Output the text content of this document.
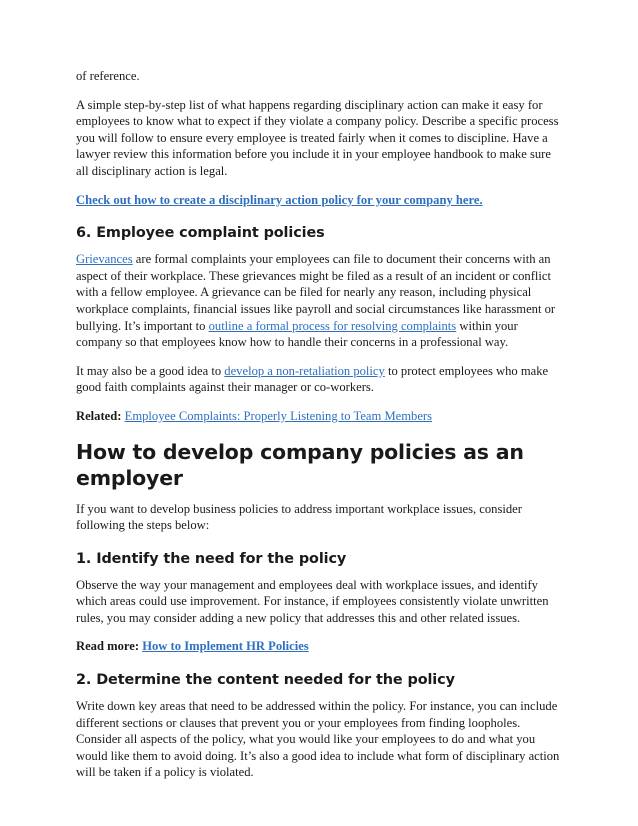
of reference.

A simple step-by-step list of what happens regarding disciplinary action can make it easy for employees to know what to expect if they violate a company policy. Describe a specific process you will follow to ensure every employee is treated fairly when it comes to discipline. Have a lawyer review this information before you include it in your employee handbook to make sure all disciplinary action is legal.

Check out how to create a disciplinary action policy for your company here.

6. Employee complaint policies

Grievances are formal complaints your employees can file to document their concerns with an aspect of their workplace. These grievances might be filed as a result of an incident or conflict with a fellow employee. A grievance can be filed for nearly any reason, including physical workplace complaints, financial issues like payroll and social circumstances like harassment or bullying. It’s important to outline a formal process for resolving complaints within your company so that employees know how to handle their concerns in a professional way.

It may also be a good idea to develop a non-retaliation policy to protect employees who make good faith complaints against their manager or co-workers.

Related: Employee Complaints: Properly Listening to Team Members

How to develop company policies as an employer

If you want to develop business policies to address important workplace issues, consider following the steps below:

1. Identify the need for the policy

Observe the way your management and employees deal with workplace issues, and identify which areas could use improvement. For instance, if employees consistently violate unwritten rules, you may consider adding a new policy that addresses this and other related issues.

Read more: How to Implement HR Policies

2. Determine the content needed for the policy

Write down key areas that need to be addressed within the policy. For instance, you can include different sections or clauses that prevent you or your employees from finding loopholes. Consider all aspects of the policy, what you would like your employees to do and what you would like them to avoid doing. It’s also a good idea to include what form of disciplinary action will be taken if a policy is violated.
